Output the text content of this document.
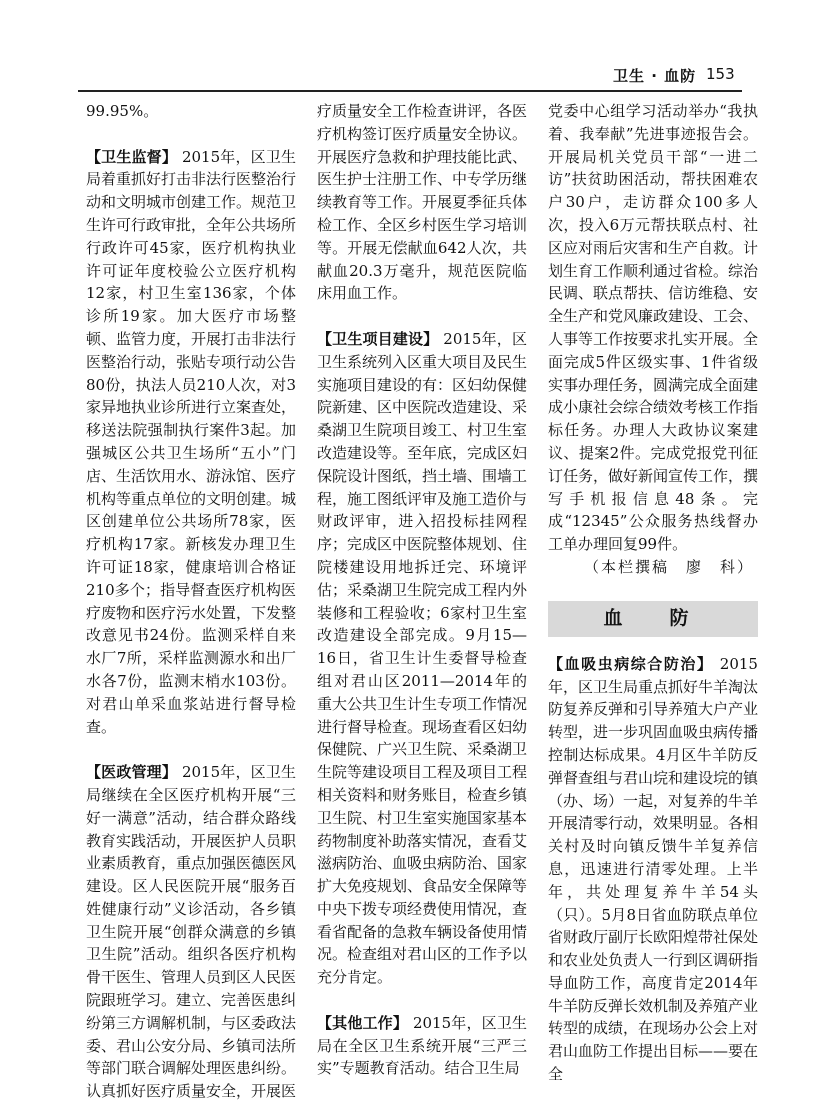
卫生 · 血防 153

99.95%。

【卫生监督】 2015年，区卫生局着重抓好打击非法行医整治行动和文明城市创建工作。规范卫生许可行政审批，全年公共场所行政许可45家，医疗机构执业许可证年度校验公立医疗机构12家，村卫生室136家，个体诊所19家。加大医疗市场整顿、监管力度，开展打击非法行医整治行动，张贴专项行动公告80份，执法人员210人次，对3家异地执业诊所进行立案查处，移送法院强制执行案件3起。加强城区公共卫生场所“五小”门店、生活饮用水、游泳馆、医疗机构等重点单位的文明创建。城区创建单位公共场所78家，医疗机构17家。新核发办理卫生许可证18家，健康培训合格证210多个；指导督查医疗机构医疗废物和医疗污水处置，下发整改意见书24份。监测采样自来水厂7所，采样监测源水和出厂水各7份，监测末梢水103份。对君山单采血浆站进行督导检查。

【医政管理】 2015年，区卫生局继续在全区医疗机构开展“三好一满意”活动，结合群众路线教育实践活动，开展医护人员职业素质教育，重点加强医德医风建设。区人民医院开展“服务百姓健康行动”义诊活动，各乡镇卫生院开展“创群众满意的乡镇卫生院”活动。组织各医疗机构骨干医生、管理人员到区人民医院跟班学习。建立、完善医患纠纷第三方调解机制，与区委政法委、君山公安分局、乡镇司法所等部门联合调解处理医患纠纷。认真抓好医疗质量安全，开展医

疗质量安全工作检查讲评，各医疗机构签订医疗质量安全协议。开展医疗急救和护理技能比武、医生护士注册工作、中专学历继续教育等工作。开展夏季征兵体检工作、全区乡村医生学习培训等。开展无偿献血642人次，共献血20.3万毫升，规范医院临床用血工作。

【卫生项目建设】 2015年，区卫生系统列入区重大项目及民生实施项目建设的有：区妇幼保健院新建、区中医院改造建设、采桑湖卫生院项目竣工、村卫生室改造建设等。至年底，完成区妇保院设计图纸，挡土墙、围墙工程，施工图纸评审及施工造价与财政评审，进入招投标挂网程序；完成区中医院整体规划、住院楼建设用地拆迁完、环境评估；采桑湖卫生院完成工程内外装修和工程验收；6家村卫生室改造建设全部完成。9月15—16日，省卫生计生委督导检查组对君山区2011—2014年的重大公共卫生计生专项工作情况进行督导检查。现场查看区妇幼保健院、广兴卫生院、采桑湖卫生院等建设项目工程及项目工程相关资料和财务账目，检查乡镇卫生院、村卫生室实施国家基本药物制度补助落实情况，查看艾滋病防治、血吸虫病防治、国家扩大免疫规划、食品安全保障等中央下拨专项经费使用情况，查看省配备的急救车辆设备使用情况。检查组对君山区的工作予以充分肯定。

【其他工作】 2015年，区卫生局在全区卫生系统开展“三严三实”专题教育活动。结合卫生局

党委中心组学习活动举办“我执着、我奉献”先进事迹报告会。开展局机关党员干部“一进二访”扶贫助困活动，帮扶困难农户30户，走访群众100多人次，投入6万元帮扶联点村、社区应对雨后灾害和生产自救。计划生育工作顺利通过省检。综治民调、联点帮扶、信访维稳、安全生产和党风廉政建设、工会、人事等工作按要求扎实开展。全面完成5件区级实事、1件省级实事办理任务，圆满完成全面建成小康社会综合绩效考核工作指标任务。办理人大政协议案建议、提案2件。完成党报党刊征订任务，做好新闻宣传工作，撰写手机报信息48条。完成“12345”公众服务热线督办工单办理回复99件。

（本栏撰稿　廖　科）

血　防

【血吸虫病综合防治】 2015年，区卫生局重点抓好牛羊淘汰防复养反弹和引导养殖大户产业转型，进一步巩固血吸虫病传播控制达标成果。4月区牛羊防反弹督查组与君山垸和建设垸的镇（办、场）一起，对复养的牛羊开展清零行动，效果明显。各相关村及时向镇反馈牛羊复养信息，迅速进行清零处理。上半年，共处理复养牛羊54头（只）。5月8日省血防联点单位省财政厅副厅长欧阳煌带社保处和农业处负责人一行到区调研指导血防工作，高度肯定2014年牛羊防反弹长效机制及养殖产业转型的成绩，在现场办公会上对君山血防工作提出目标——要在全
